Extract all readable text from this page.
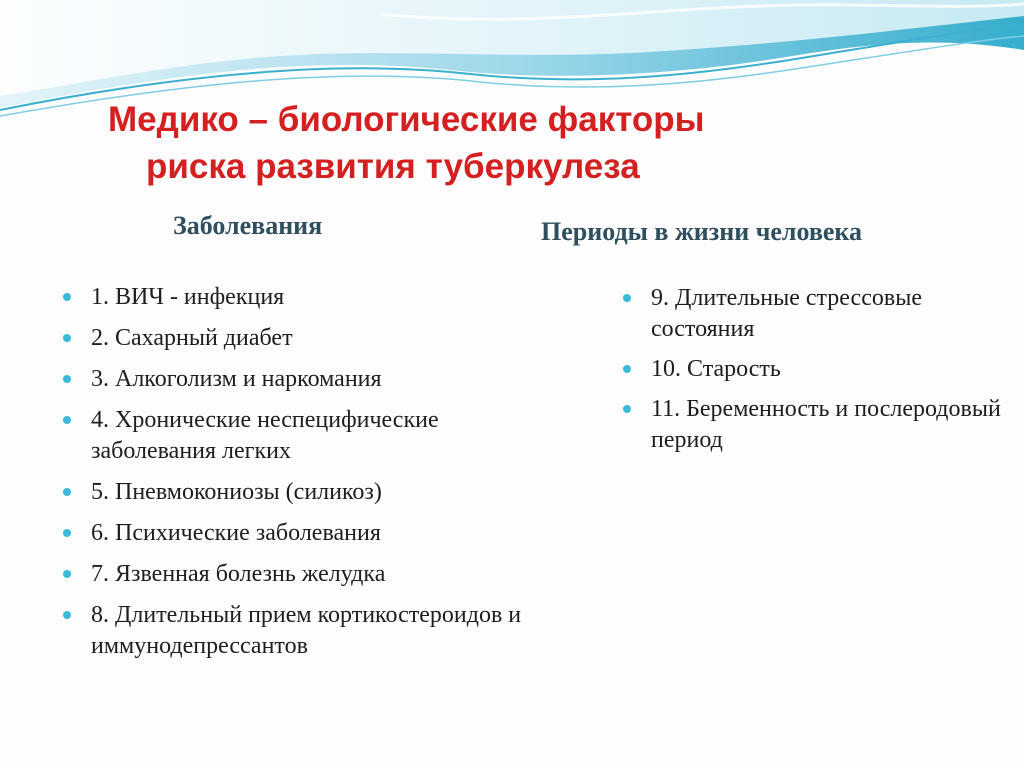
Медико – биологические факторы
риска развития туберкулеза
Заболевания	Периоды в жизни человека
1. ВИЧ - инфекция
2. Сахарный диабет
3. Алкоголизм и наркомания
4. Хронические неспецифические заболевания легких
5. Пневмокониозы (силикоз)
6. Психические заболевания
7. Язвенная болезнь желудка
8. Длительный прием кортикостероидов и иммунодепрессантов
9. Длительные стрессовые состояния
10. Старость
11. Беременность и послеродовый период
